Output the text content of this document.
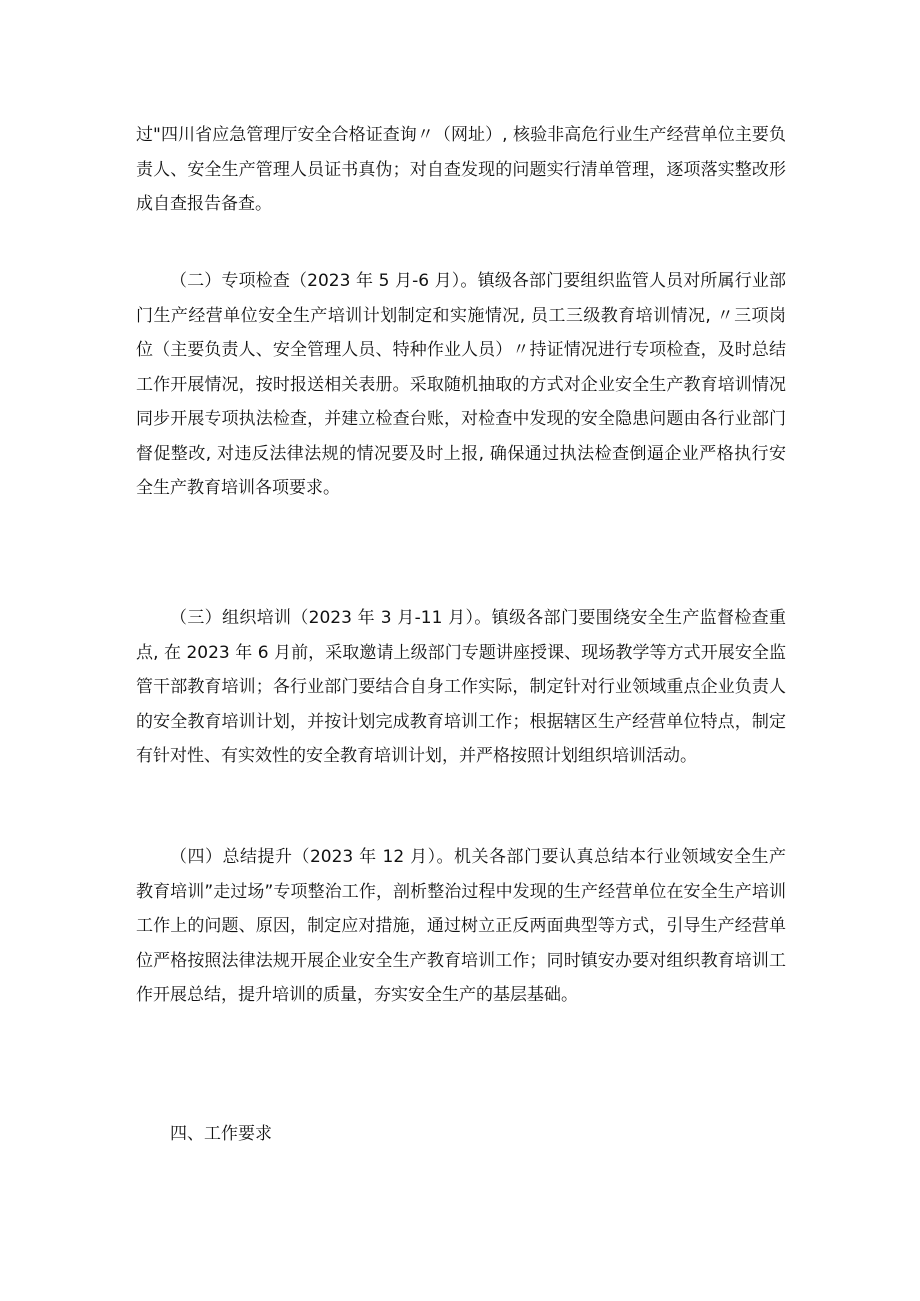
过"四川省应急管理厅安全合格证查询〃（网址）, 核验非高危行业生产经营单位主要负责人、安全生产管理人员证书真伪；对自查发现的问题实行清单管理，逐项落实整改形成自查报告备查。

（二）专项检查（2023 年 5 月-6 月）。镇级各部门要组织监管人员对所属行业部门生产经营单位安全生产培训计划制定和实施情况, 员工三级教育培训情况, 〃三项岗位（主要负责人、安全管理人员、特种作业人员）〃持证情况进行专项检查，及时总结工作开展情况，按时报送相关表册。采取随机抽取的方式对企业安全生产教育培训情况同步开展专项执法检查，并建立检查台账，对检查中发现的安全隐患问题由各行业部门督促整改, 对违反法律法规的情况要及时上报, 确保通过执法检查倒逼企业严格执行安全生产教育培训各项要求。

（三）组织培训（2023 年 3 月-11 月）。镇级各部门要围绕安全生产监督检查重点, 在 2023 年 6 月前，采取邀请上级部门专题讲座授课、现场教学等方式开展安全监管干部教育培训；各行业部门要结合自身工作实际，制定针对行业领域重点企业负责人的安全教育培训计划，并按计划完成教育培训工作；根据辖区生产经营单位特点，制定有针对性、有实效性的安全教育培训计划，并严格按照计划组织培训活动。

（四）总结提升（2023 年 12 月）。机关各部门要认真总结本行业领域安全生产教育培训”走过场”专项整治工作，剖析整治过程中发现的生产经营单位在安全生产培训工作上的问题、原因，制定应对措施，通过树立正反两面典型等方式，引导生产经营单位严格按照法律法规开展企业安全生产教育培训工作；同时镇安办要对组织教育培训工作开展总结，提升培训的质量，夯实安全生产的基层基础。

四、工作要求
